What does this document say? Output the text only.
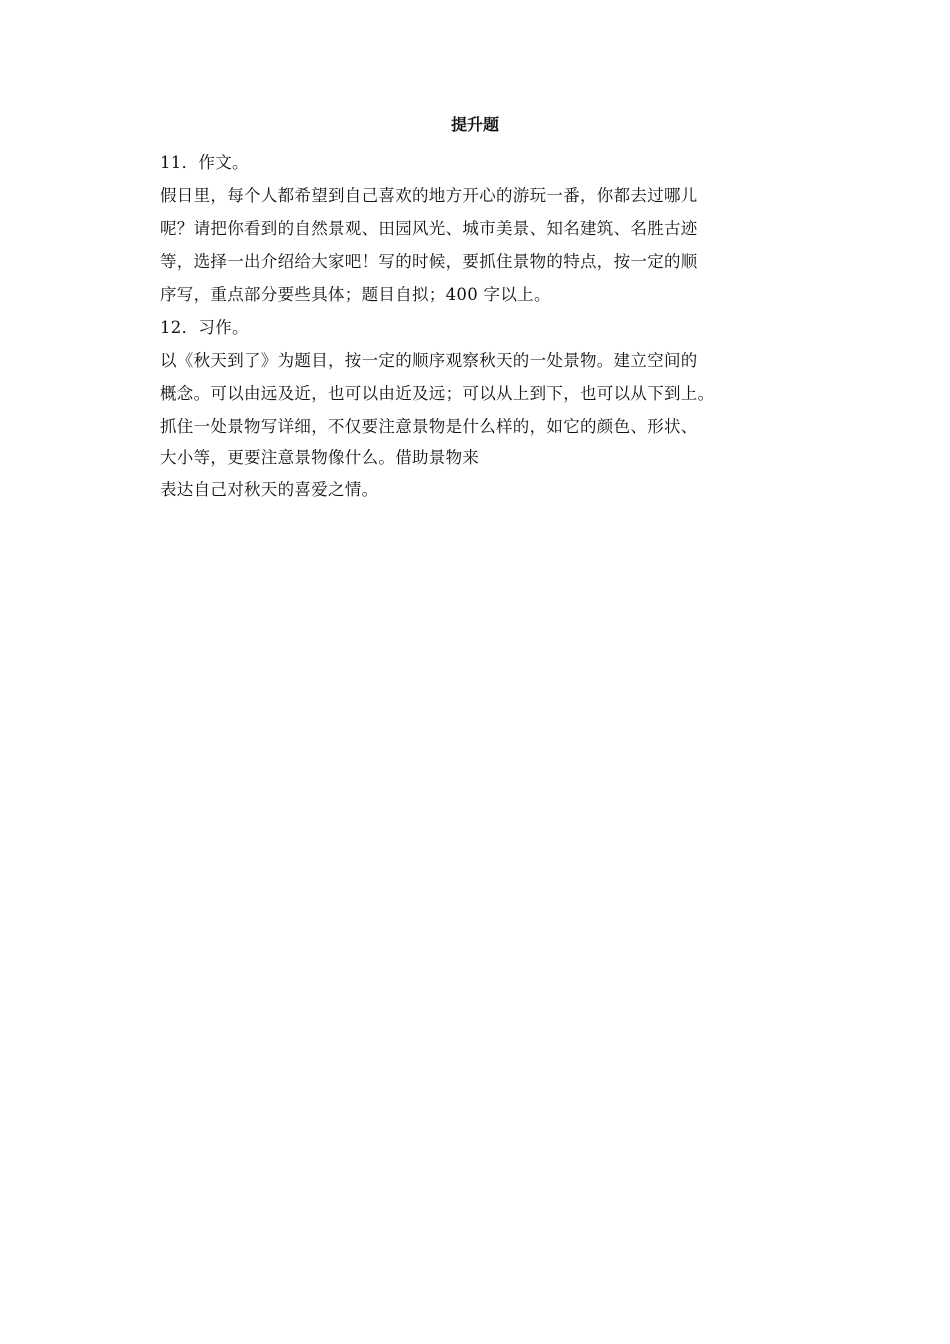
提升题
11．作文。
假日里，每个人都希望到自己喜欢的地方开心的游玩一番，你都去过哪儿
呢？请把你看到的自然景观、田园风光、城市美景、知名建筑、名胜古迹
等，选择一出介绍给大家吧！写的时候，要抓住景物的特点，按一定的顺
序写，重点部分要些具体；题目自拟；400 字以上。
12．习作。
以《秋天到了》为题目，按一定的顺序观察秋天的一处景物。建立空间的
概念。可以由远及近，也可以由近及远；可以从上到下，也可以从下到上。
抓住一处景物写详细，不仅要注意景物是什么样的，如它的颜色、形状、
大小等，更要注意景物像什么。借助景物来
表达自己对秋天的喜爱之情。
